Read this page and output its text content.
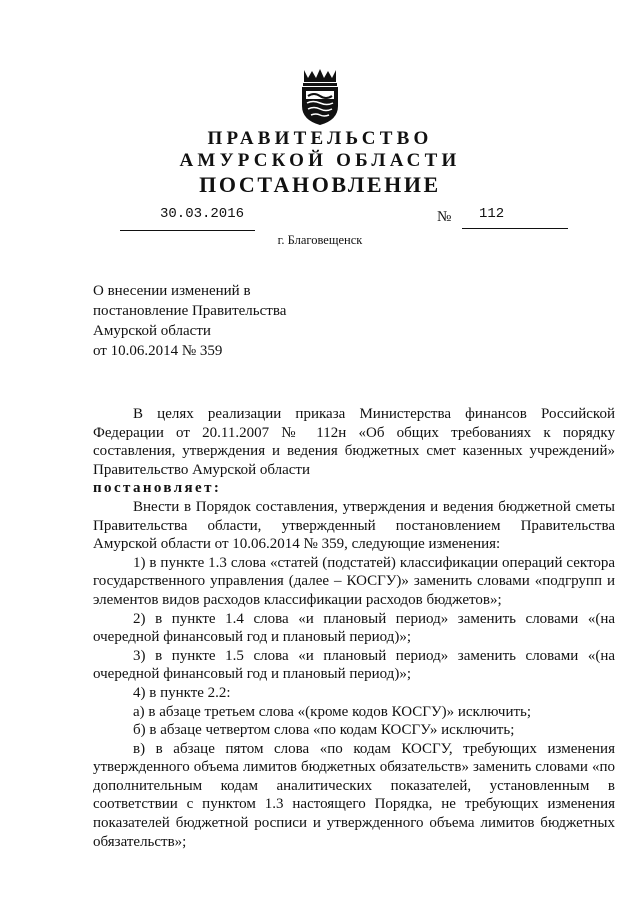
ПРАВИТЕЛЬСТВО
АМУРСКОЙ ОБЛАСТИ
ПОСТАНОВЛЕНИЕ
30.03.2016	№ 112
г. Благовещенск
О внесении изменений в
постановление Правительства
Амурской области
от 10.06.2014 № 359

В целях реализации приказа Министерства финансов Российской Федерации от 20.11.2007 № 112н «Об общих требованиях к порядку составления, утверждения и ведения бюджетных смет казенных учреждений» Правительство Амурской области

постановляет:

Внести в Порядок составления, утверждения и ведения бюджетной сметы Правительства области, утвержденный постановлением Правительства Амурской области от 10.06.2014 № 359, следующие изменения:

1) в пункте 1.3 слова «статей (подстатей) классификации операций сектора государственного управления (далее – КОСГУ)» заменить словами «подгрупп и элементов видов расходов классификации расходов бюджетов»;

2) в пункте 1.4 слова «и плановый период» заменить словами «(на очередной финансовый год и плановый период)»;

3) в пункте 1.5 слова «и плановый период» заменить словами «(на очередной финансовый год и плановый период)»;

4) в пункте 2.2:

а) в абзаце третьем слова «(кроме кодов КОСГУ)» исключить;

б) в абзаце четвертом слова «по кодам КОСГУ» исключить;

в) в абзаце пятом слова «по кодам КОСГУ, требующих изменения утвержденного объема лимитов бюджетных обязательств» заменить словами «по дополнительным кодам аналитических показателей, установленным в соответствии с пунктом 1.3 настоящего Порядка, не требующих изменения показателей бюджетной росписи и утвержденного объема лимитов бюджетных обязательств»;
